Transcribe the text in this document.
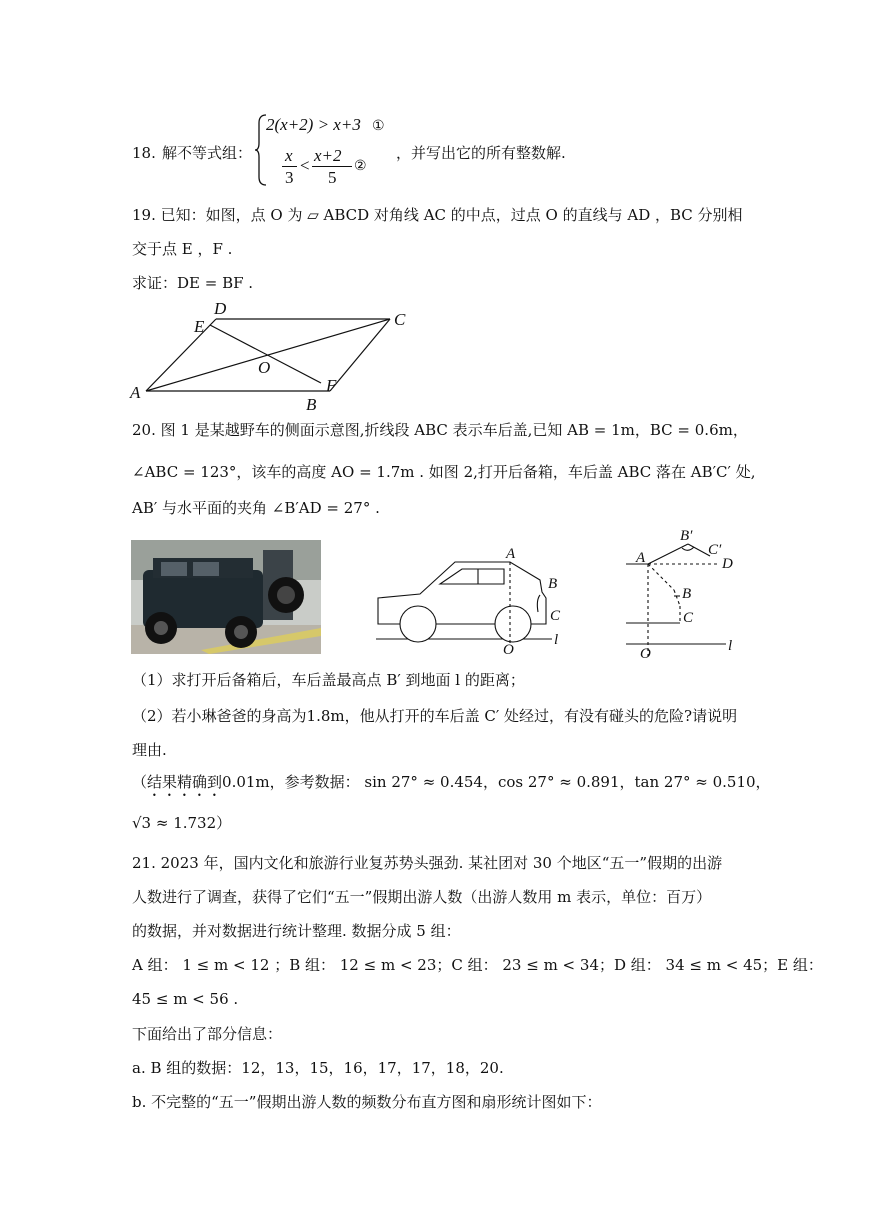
18. 解不等式组：
2(x+2) > x+3 ①
x
3
<
x+2
5
②
，并写出它的所有整数解.
19. 已知：如图，点 O 为 ▱ ABCD 对角线 AC 的中点，过点 O 的直线与 AD ，BC 分别相
交于点 E ，F .
求证：DE = BF .
A
B
C
D
E
F
O
20. 图 1 是某越野车的侧面示意图,折线段 ABC 表示车后盖,已知 AB = 1m，BC = 0.6m，
∠ABC = 123°，该车的高度 AO = 1.7m . 如图 2,打开后备箱，车后盖 ABC 落在 AB′C′ 处,
AB′ 与水平面的夹角 ∠B′AD = 27° .
A
B
C
O
l
A
B′
C′
D
B
C
O	l
（1）求打开后备箱后，车后盖最高点 B′ 到地面 l 的距离；
（2）若小琳爸爸的身高为1.8m，他从打开的车后盖 C′ 处经过，有没有碰头的危险?请说明
理由.
（结果精确到0.01m，参考数据： sin 27° ≈ 0.454，cos 27° ≈ 0.891，tan 27° ≈ 0.510，
√3 ≈ 1.732）
21. 2023 年，国内文化和旅游行业复苏势头强劲. 某社团对 30 个地区“五一”假期的出游
人数进行了调查，获得了它们“五一”假期出游人数（出游人数用 m 表示，单位：百万）
的数据，并对数据进行统计整理. 数据分成 5 组：
A 组： 1 ≤ m < 12 ；B 组： 12 ≤ m < 23；C 组： 23 ≤ m < 34；D 组： 34 ≤ m < 45；E 组：
45 ≤ m < 56 .
下面给出了部分信息：
a. B 组的数据：12，13，15，16，17，17，18，20.
b. 不完整的“五一”假期出游人数的频数分布直方图和扇形统计图如下：
